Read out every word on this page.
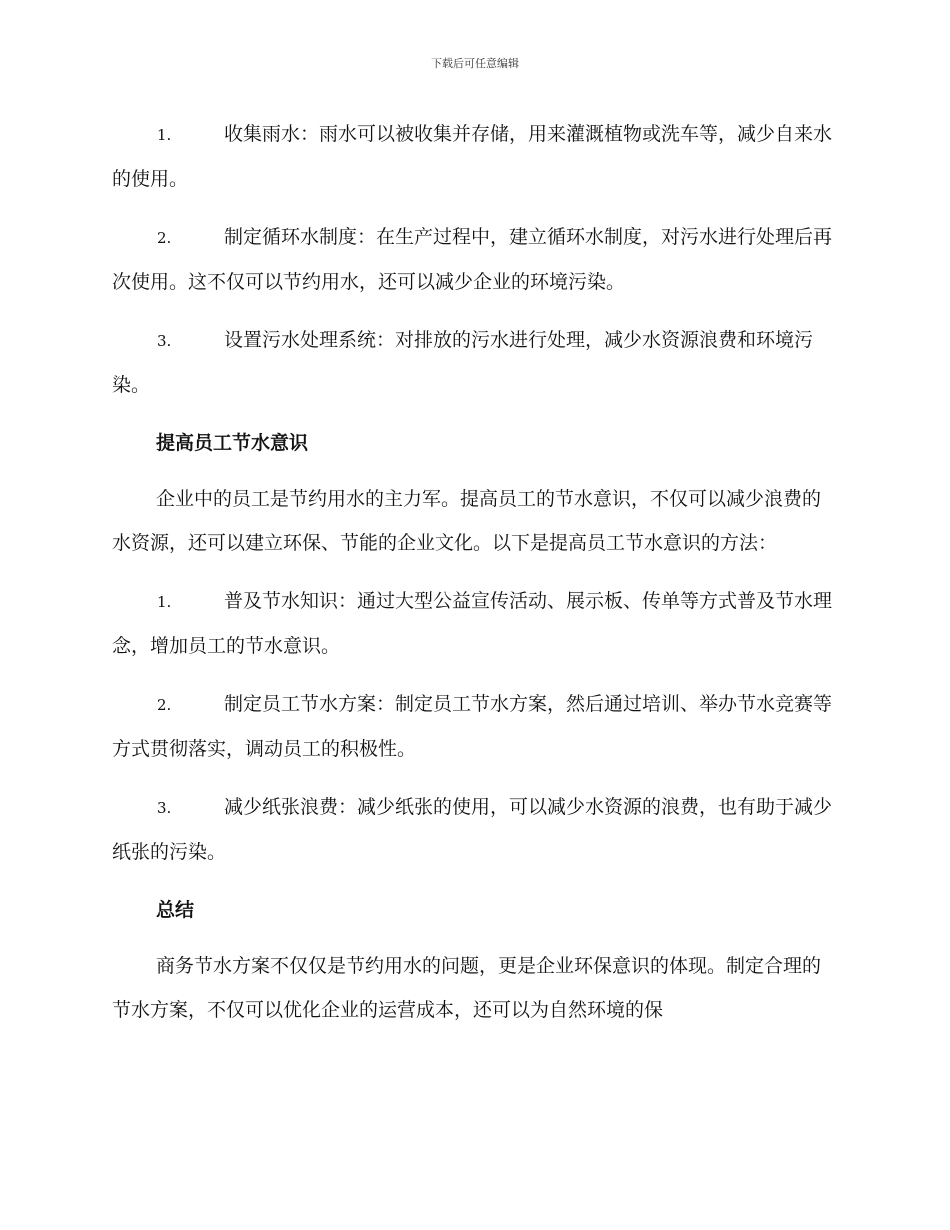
下载后可任意编辑
1.	收集雨水：雨水可以被收集并存储，用来灌溉植物或洗车等，减少自来水的使用。
2.	制定循环水制度：在生产过程中，建立循环水制度，对污水进行处理后再次使用。这不仅可以节约用水，还可以减少企业的环境污染。
3.	设置污水处理系统：对排放的污水进行处理，减少水资源浪费和环境污染。
提高员工节水意识
企业中的员工是节约用水的主力军。提高员工的节水意识，不仅可以减少浪费的水资源，还可以建立环保、节能的企业文化。以下是提高员工节水意识的方法：
1.	普及节水知识：通过大型公益宣传活动、展示板、传单等方式普及节水理念，增加员工的节水意识。
2.	制定员工节水方案：制定员工节水方案，然后通过培训、举办节水竞赛等方式贯彻落实，调动员工的积极性。
3.	减少纸张浪费：减少纸张的使用，可以减少水资源的浪费，也有助于减少纸张的污染。
总结
商务节水方案不仅仅是节约用水的问题，更是企业环保意识的体现。制定合理的节水方案，不仅可以优化企业的运营成本，还可以为自然环境的保
